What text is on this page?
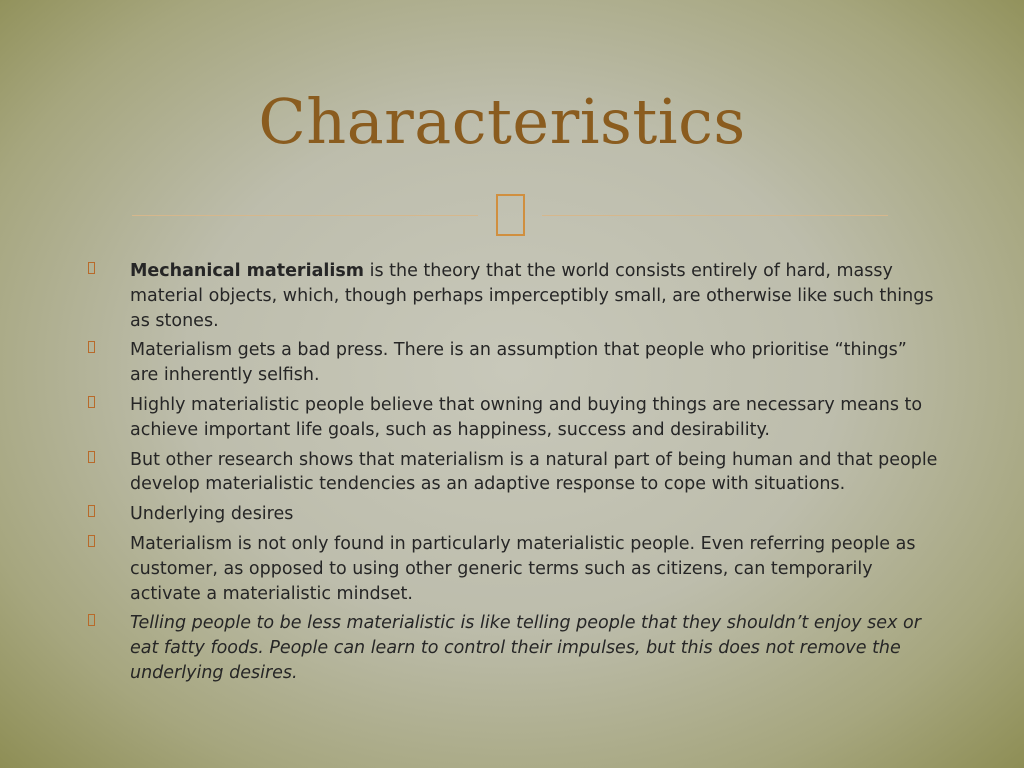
Characteristics
Mechanical materialism is the theory that the world consists entirely of hard, massy material objects, which, though perhaps imperceptibly small, are otherwise like such things as stones.
Materialism gets a bad press. There is an assumption that people who prioritise “things” are inherently selfish.
Highly materialistic people believe that owning and buying things are necessary means to achieve important life goals, such as happiness, success and desirability.
But other research shows that materialism is a natural part of being human and that people develop materialistic tendencies as an adaptive response to cope with situations.
Underlying desires
Materialism is not only found in particularly materialistic people. Even referring people as customer, as opposed to using other generic terms such as citizens, can temporarily activate a materialistic mindset.
Telling people to be less materialistic is like telling people that they shouldn’t enjoy sex or eat fatty foods. People can learn to control their impulses, but this does not remove the underlying desires.
